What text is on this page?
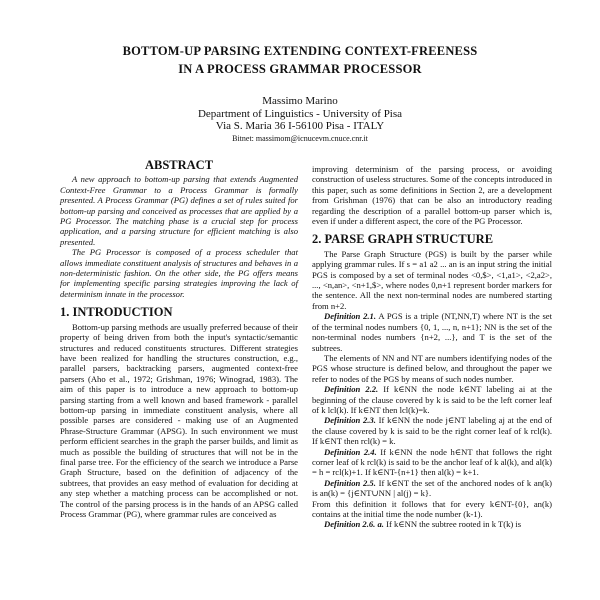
BOTTOM-UP PARSING EXTENDING CONTEXT-FREENESS
IN A PROCESS GRAMMAR PROCESSOR
Massimo Marino
Department of Linguistics - University of Pisa
Via S. Maria 36 I-56100 Pisa - ITALY
Bitnet: massimom@icnucevm.cnuce.cnr.it
ABSTRACT

A new approach to bottom-up parsing that extends Augmented Context-Free Grammar to a Process Grammar is formally presented. A Process Grammar (PG) defines a set of rules suited for bottom-up parsing and conceived as processes that are applied by a PG Processor. The matching phase is a crucial step for process application, and a parsing structure for efficient matching is also presented.

The PG Processor is composed of a process scheduler that allows immediate constituent analysis of structures and behaves in a non-deterministic fashion. On the other side, the PG offers means for implementing specific parsing strategies improving the lack of determinism innate in the processor.

1. INTRODUCTION

Bottom-up parsing methods are usually preferred because of their property of being driven from both the input's syntactic/semantic structures and reduced constituents structures. Different strategies have been realized for handling the structures construction, e.g., parallel parsers, backtracking parsers, augmented context-free parsers (Aho et al., 1972; Grishman, 1976; Winograd, 1983). The aim of this paper is to introduce a new approach to bottom-up parsing starting from a well known and based framework - parallel bottom-up parsing in immediate constituent analysis, where all possible parses are considered - making use of an Augmented Phrase-Structure Grammar (APSG). In such environment we must perform efficient searches in the graph the parser builds, and limit as much as possible the building of structures that will not be in the final parse tree. For the efficiency of the search we introduce a Parse Graph Structure, based on the definition of adjacency of the subtrees, that provides an easy method of evaluation for deciding at any step whether a matching process can be accomplished or not. The control of the parsing process is in the hands of an APSG called Process Grammar (PG), where grammar rules are conceived as

improving determinism of the parsing process, or avoiding construction of useless structures. Some of the concepts introduced in this paper, such as some definitions in Section 2, are a development from Grishman (1976) that can be also an introductory reading regarding the description of a parallel bottom-up parser which is, even if under a different aspect, the core of the PG Processor.

2. PARSE GRAPH STRUCTURE

The Parse Graph Structure (PGS) is built by the parser while applying grammar rules. If s = a1 a2 ... an is an input string the initial PGS is composed by a set of terminal nodes <0,$>, <1,a1>, <2,a2>, ..., <n,an>, <n+1,$>, where nodes 0,n+1 represent border markers for the sentence. All the next non-terminal nodes are numbered starting from n+2.

Definition 2.1. A PGS is a triple (NT,NN,T) where NT is the set of the terminal nodes numbers {0, 1, ..., n, n+1}; NN is the set of the non-terminal nodes numbers {n+2, ...}, and T is the set of the subtrees.

The elements of NN and NT are numbers identifying nodes of the PGS whose structure is defined below, and throughout the paper we refer to nodes of the PGS by means of such nodes number.

Definition 2.2. If k∈NN the node k∈NT labeling ai at the beginning of the clause covered by k is said to be the left corner leaf of k lcl(k). If k∈NT then lcl(k)=k.

Definition 2.3. If k∈NN the node j∈NT labeling aj at the end of the clause covered by k is said to be the right corner leaf of k rcl(k). If k∈NT then rcl(k) = k.

Definition 2.4. If k∈NN the node h∈NT that follows the right corner leaf of k rcl(k) is said to be the anchor leaf of k al(k), and al(k) = h = rcl(k)+1. If k∈NT-{n+1} then al(k) = k+1.

Definition 2.5. If k∈NT the set of the anchored nodes of k an(k) is an(k) = {j∈NT∪NN | al(j) = k}.

From this definition it follows that for every k∈NT-{0}, an(k) contains at the initial time the node number (k-1).

Definition 2.6. a. If k∈NN the subtree rooted in k T(k) is
